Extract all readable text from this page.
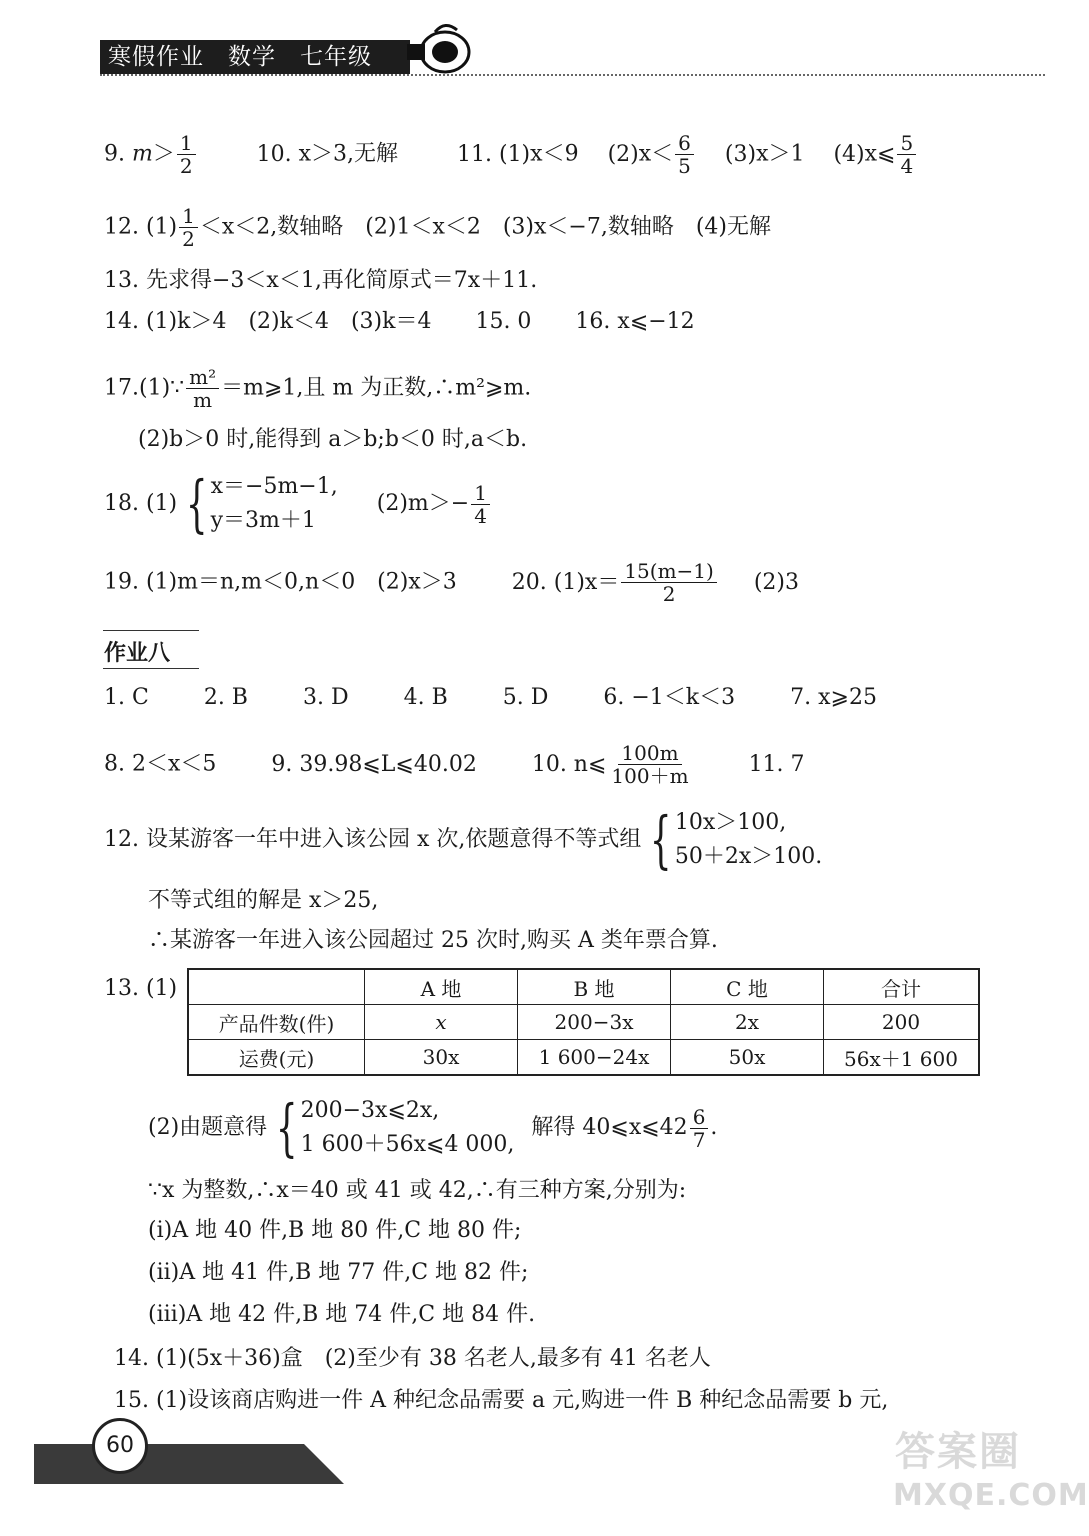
寒假作业　数学　七年级
9. $m> \frac{1}{2}$	10. x＞3,无解	11. (1)x＜9 $(2)x< \frac{6}{5} (3)x>1$ (4)x⩽ $\frac{5}{4}$
12. $(1) \frac{1}{2} <x<2$,数轴略　(2)1＜x＜2　(3)x＜−7,数轴略　(4)无解
13. 先求得−3＜x＜1,再化简原式＝7x＋11.
14. (1)k＞4　(2)k＜4　(3)k＝4　　15. 0　　16. x⩽−12
17.(1)∵ $\frac{\text{m²}}{m}$ ＝m⩾1,且 m 为正数,∴m²⩾m.
(2)b＞0 时,能得到 a＞b;b＜0 时,a＜b.
18. (1) { x＝−5m−1,
y＝3m＋1
$(2)m>- \frac{1}{4}$
19. (1)m＝n,m＜0,n＜0　(2)x＞3	20. $(1)x= \frac{15(m-1)}{2} (2)3$
作业八
1. C	2. B	3. D	4. B	5. D	6. −1＜k＜3	7. x⩾25
8. 2＜x＜5	9. 39.98⩽L⩽40.02	10. n⩽ $\frac{100m}{100+m}$	11. 7
12. 设某游客一年中进入该公园 x 次,依题意得不等式组 { 10x＞100,
50＋2x＞100.
不等式组的解是 x＞25,
∴某游客一年进入该公园超过 25 次时,购买 A 类年票合算.
13. (1)
		A 地	B 地	C 地	合计
产品件数(件)	x	200−3x	2x	200
运费(元)	30x	1 600−24x	50x	56x＋1 600
(2)由题意得 { 200−3x⩽2x,
1 600＋56x⩽4 000,
解得 40⩽x⩽42 $\frac{6}{7}$ .
∵x 为整数,∴x＝40 或 41 或 42,∴有三种方案,分别为:
(ⅰ)A 地 40 件,B 地 80 件,C 地 80 件;
(ⅱ)A 地 41 件,B 地 77 件,C 地 82 件;
(ⅲ)A 地 42 件,B 地 74 件,C 地 84 件.
14. (1)(5x＋36)盒　(2)至少有 38 名老人,最多有 41 名老人
15. (1)设该商店购进一件 A 种纪念品需要 a 元,购进一件 B 种纪念品需要 b 元,
60	答案圈
MXQE.COM
